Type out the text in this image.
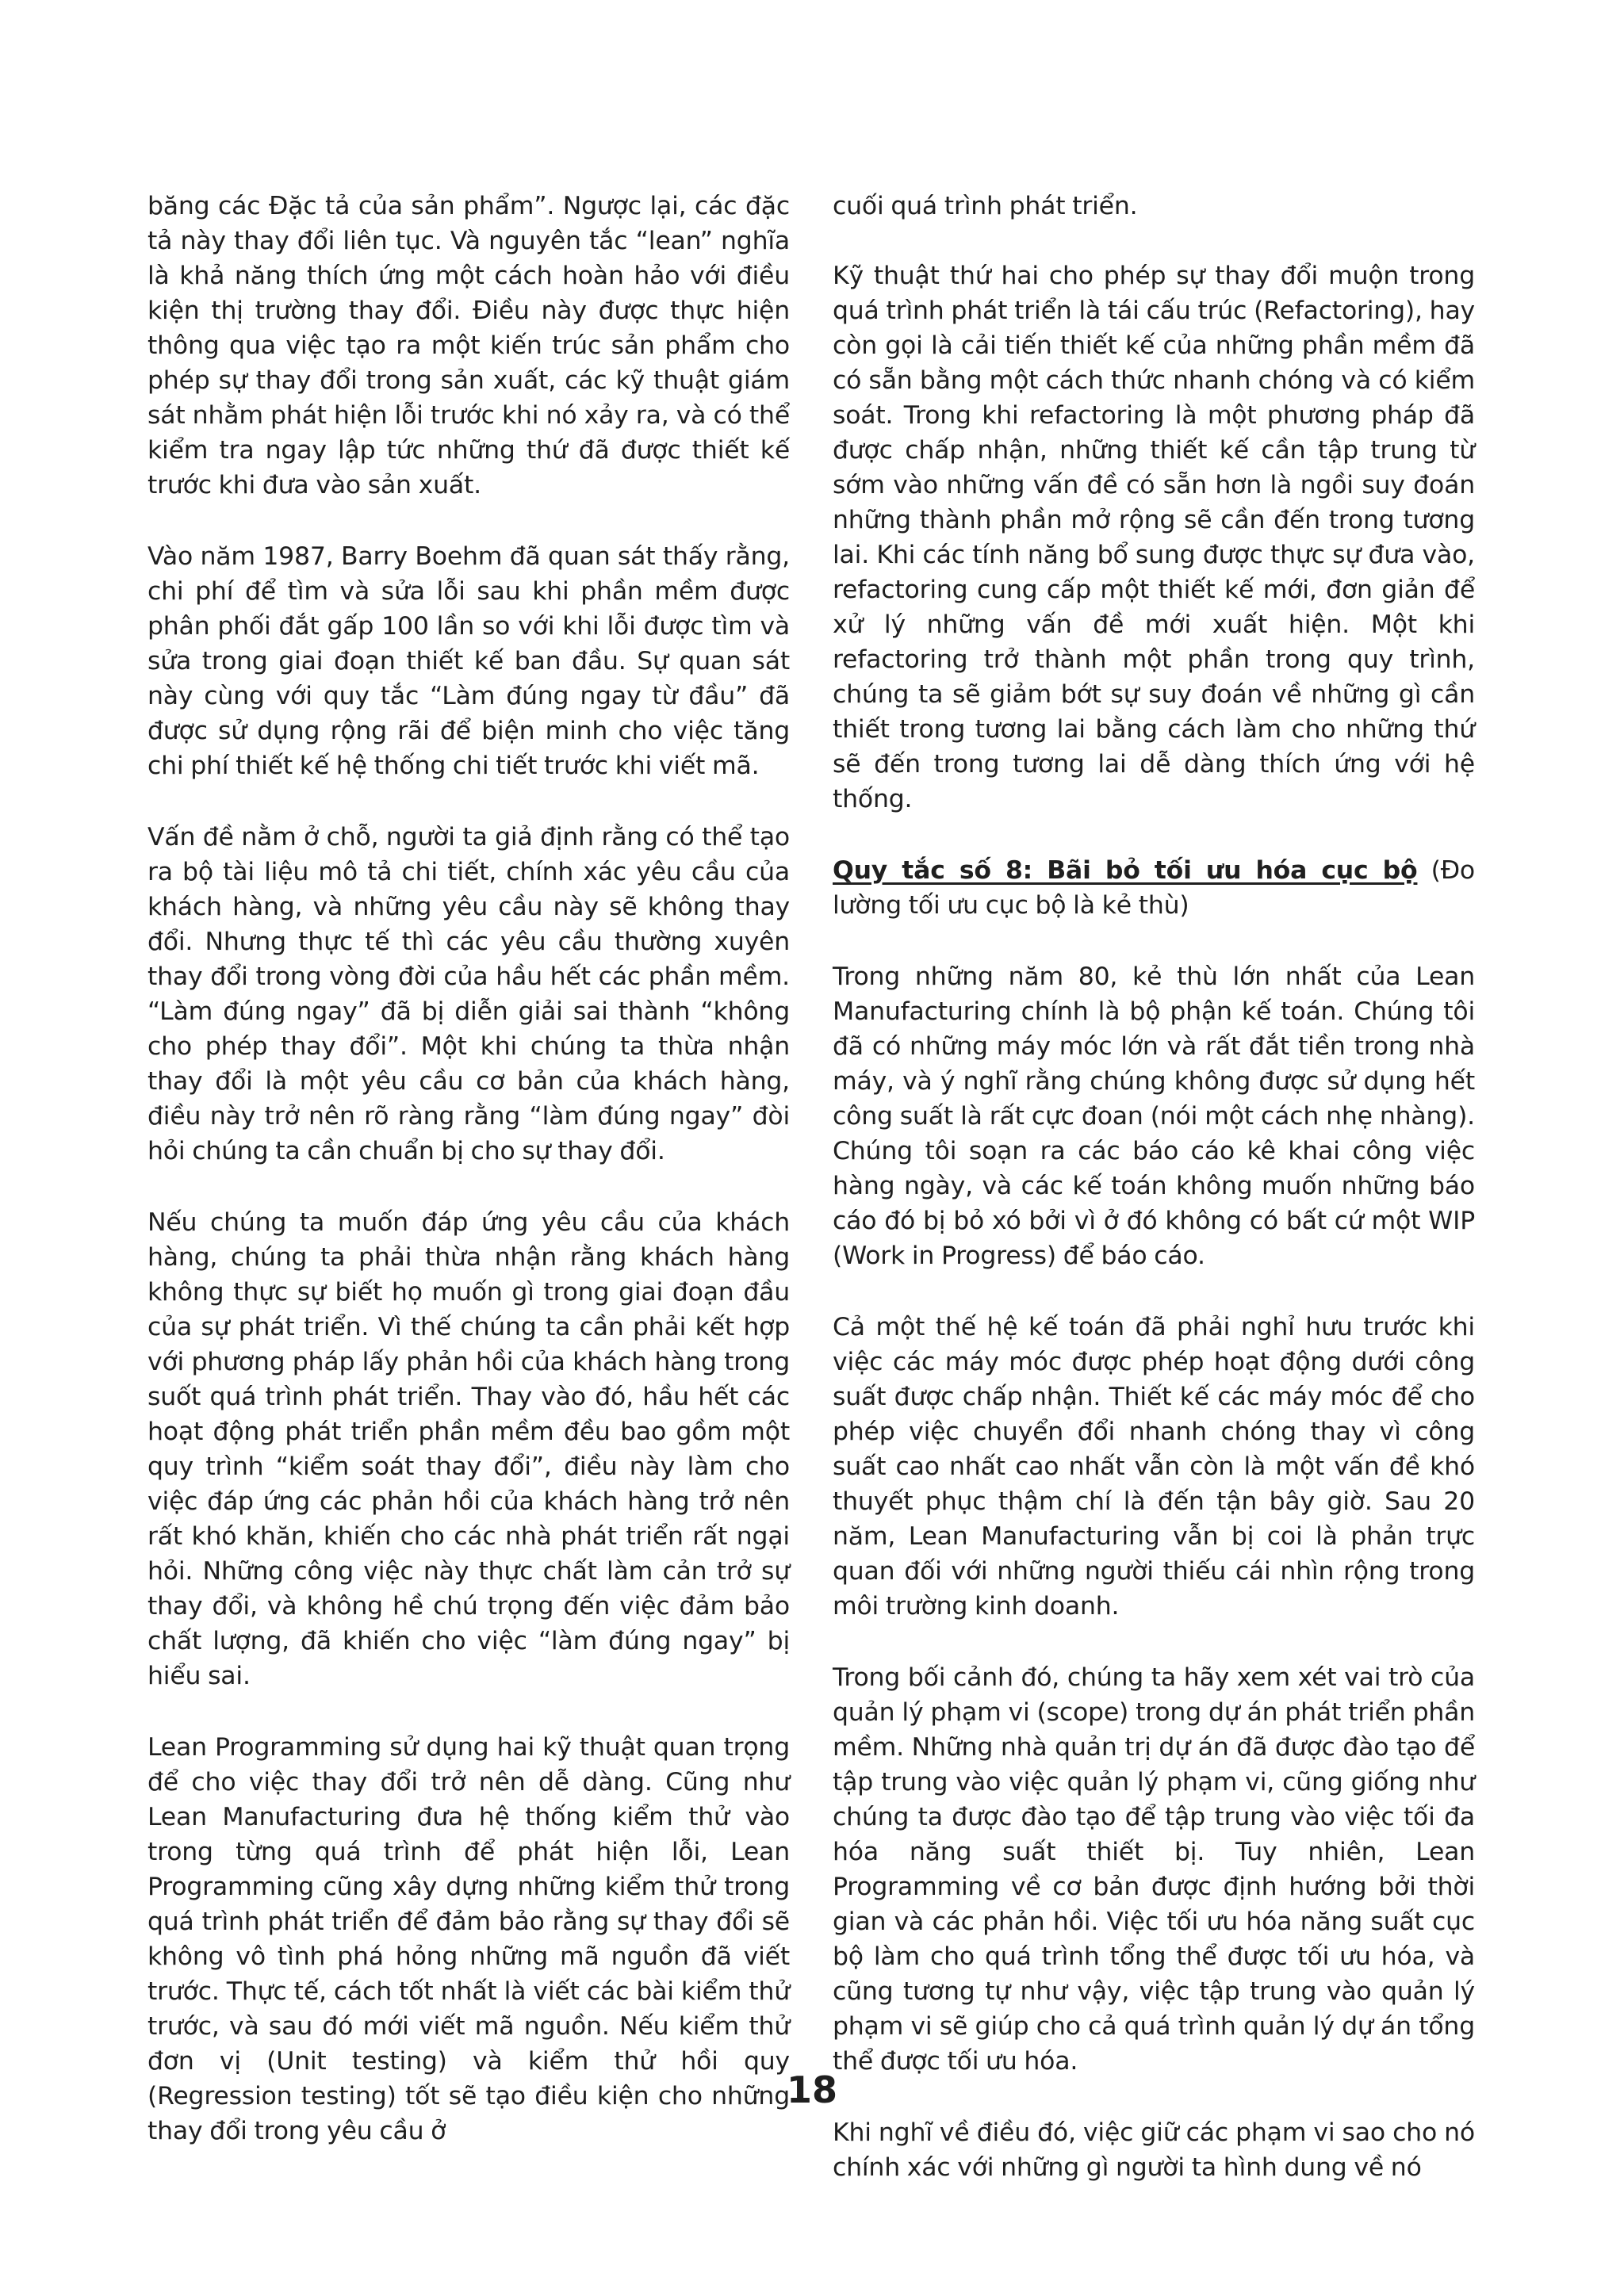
băng các Đặc tả của sản phẩm”. Ngược lại, các đặc tả này thay đổi liên tục. Và nguyên tắc “lean” nghĩa là khả năng thích ứng một cách hoàn hảo với điều kiện thị trường thay đổi. Điều này được thực hiện thông qua việc tạo ra một kiến trúc sản phẩm cho phép sự thay đổi trong sản xuất, các kỹ thuật giám sát nhằm phát hiện lỗi trước khi nó xảy ra, và có thể kiểm tra ngay lập tức những thứ đã được thiết kế trước khi đưa vào sản xuất.

Vào năm 1987, Barry Boehm đã quan sát thấy rằng, chi phí để tìm và sửa lỗi sau khi phần mềm được phân phối đắt gấp 100 lần so với khi lỗi được tìm và sửa trong giai đoạn thiết kế ban đầu. Sự quan sát này cùng với quy tắc “Làm đúng ngay từ đầu” đã được sử dụng rộng rãi để biện minh cho việc tăng chi phí thiết kế hệ thống chi tiết trước khi viết mã.

Vấn đề nằm ở chỗ, người ta giả định rằng có thể tạo ra bộ tài liệu mô tả chi tiết, chính xác yêu cầu của khách hàng, và những yêu cầu này sẽ không thay đổi. Nhưng thực tế thì các yêu cầu thường xuyên thay đổi trong vòng đời của hầu hết các phần mềm. “Làm đúng ngay” đã bị diễn giải sai thành “không cho phép thay đổi”. Một khi chúng ta thừa nhận thay đổi là một yêu cầu cơ bản của khách hàng, điều này trở nên rõ ràng rằng “làm đúng ngay” đòi hỏi chúng ta cần chuẩn bị cho sự thay đổi.

Nếu chúng ta muốn đáp ứng yêu cầu của khách hàng, chúng ta phải thừa nhận rằng khách hàng không thực sự biết họ muốn gì trong giai đoạn đầu của sự phát triển. Vì thế chúng ta cần phải kết hợp với phương pháp lấy phản hồi của khách hàng trong suốt quá trình phát triển. Thay vào đó, hầu hết các hoạt động phát triển phần mềm đều bao gồm một quy trình “kiểm soát thay đổi”, điều này làm cho việc đáp ứng các phản hồi của khách hàng trở nên rất khó khăn, khiến cho các nhà phát triển rất ngại hỏi. Những công việc này thực chất làm cản trở sự thay đổi, và không hề chú trọng đến việc đảm bảo chất lượng, đã khiến cho việc “làm đúng ngay” bị hiểu sai.

Lean Programming sử dụng hai kỹ thuật quan trọng để cho việc thay đổi trở nên dễ dàng. Cũng như Lean Manufacturing đưa hệ thống kiểm thử vào trong từng quá trình để phát hiện lỗi, Lean Programming cũng xây dựng những kiểm thử trong quá trình phát triển để đảm bảo rằng sự thay đổi sẽ không vô tình phá hỏng những mã nguồn đã viết trước. Thực tế, cách tốt nhất là viết các bài kiểm thử trước, và sau đó mới viết mã nguồn. Nếu kiểm thử đơn vị (Unit testing) và kiểm thử hồi quy (Regression testing) tốt sẽ tạo điều kiện cho những thay đổi trong yêu cầu ở

cuối quá trình phát triển.

Kỹ thuật thứ hai cho phép sự thay đổi muộn trong quá trình phát triển là tái cấu trúc (Refactoring), hay còn gọi là cải tiến thiết kế của những phần mềm đã có sẵn bằng một cách thức nhanh chóng và có kiểm soát. Trong khi refactoring là một phương pháp đã được chấp nhận, những thiết kế cần tập trung từ sớm vào những vấn đề có sẵn hơn là ngồi suy đoán những thành phần mở rộng sẽ cần đến trong tương lai. Khi các tính năng bổ sung được thực sự đưa vào, refactoring cung cấp một thiết kế mới, đơn giản để xử lý những vấn đề mới xuất hiện. Một khi refactoring trở thành một phần trong quy trình, chúng ta sẽ giảm bớt sự suy đoán về những gì cần thiết trong tương lai bằng cách làm cho những thứ sẽ đến trong tương lai dễ dàng thích ứng với hệ thống.

Quy tắc số 8: Bãi bỏ tối ưu hóa cục bộ (Đo lường tối ưu cục bộ là kẻ thù)

Trong những năm 80, kẻ thù lớn nhất của Lean Manufacturing chính là bộ phận kế toán. Chúng tôi đã có những máy móc lớn và rất đắt tiền trong nhà máy, và ý nghĩ rằng chúng không được sử dụng hết công suất là rất cực đoan (nói một cách nhẹ nhàng). Chúng tôi soạn ra các báo cáo kê khai công việc hàng ngày, và các kế toán không muốn những báo cáo đó bị bỏ xó bởi vì ở đó không có bất cứ một WIP (Work in Progress) để báo cáo.

Cả một thế hệ kế toán đã phải nghỉ hưu trước khi việc các máy móc được phép hoạt động dưới công suất được chấp nhận. Thiết kế các máy móc để cho phép việc chuyển đổi nhanh chóng thay vì công suất cao nhất cao nhất vẫn còn là một vấn đề khó thuyết phục thậm chí là đến tận bây giờ. Sau 20 năm, Lean Manufacturing vẫn bị coi là phản trực quan đối với những người thiếu cái nhìn rộng trong môi trường kinh doanh.

Trong bối cảnh đó, chúng ta hãy xem xét vai trò của quản lý phạm vi (scope) trong dự án phát triển phần mềm. Những nhà quản trị dự án đã được đào tạo để tập trung vào việc quản lý phạm vi, cũng giống như chúng ta được đào tạo để tập trung vào việc tối đa hóa năng suất thiết bị. Tuy nhiên, Lean Programming về cơ bản được định hướng bởi thời gian và các phản hồi. Việc tối ưu hóa năng suất cục bộ làm cho quá trình tổng thể được tối ưu hóa, và cũng tương tự như vậy, việc tập trung vào quản lý phạm vi sẽ giúp cho cả quá trình quản lý dự án tổng thể được tối ưu hóa.

Khi nghĩ về điều đó, việc giữ các phạm vi sao cho nó chính xác với những gì người ta hình dung về nó

18
